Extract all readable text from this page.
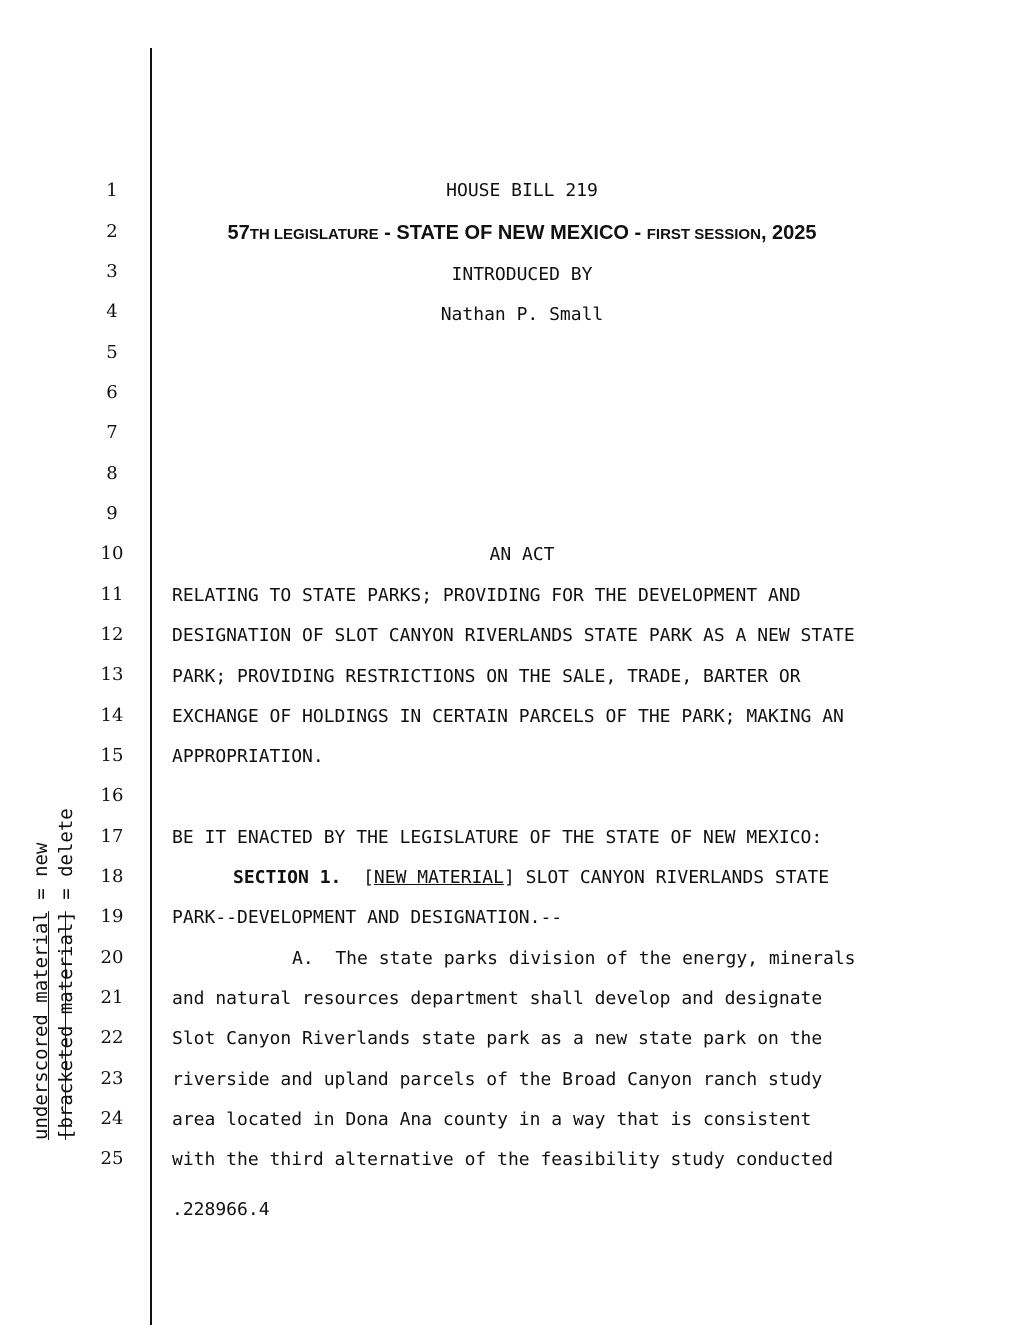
1
2
3
4
5
6
7
8
9
10
11
12
13
14
15
16
17
18
19
20
21
22
23
24
25
HOUSE BILL 219
57TH LEGISLATURE - STATE OF NEW MEXICO - FIRST SESSION, 2025
INTRODUCED BY
Nathan P. Small
AN ACT
RELATING TO STATE PARKS; PROVIDING FOR THE DEVELOPMENT AND
DESIGNATION OF SLOT CANYON RIVERLANDS STATE PARK AS A NEW STATE
PARK; PROVIDING RESTRICTIONS ON THE SALE, TRADE, BARTER OR
EXCHANGE OF HOLDINGS IN CERTAIN PARCELS OF THE PARK; MAKING AN
APPROPRIATION.
BE IT ENACTED BY THE LEGISLATURE OF THE STATE OF NEW MEXICO:
SECTION 1. [NEW MATERIAL] SLOT CANYON RIVERLANDS STATE
PARK--DEVELOPMENT AND DESIGNATION.--
A.  The state parks division of the energy, minerals
and natural resources department shall develop and designate
Slot Canyon Riverlands state park as a new state park on the
riverside and upland parcels of the Broad Canyon ranch study
area located in Dona Ana county in a way that is consistent
with the third alternative of the feasibility study conducted
.228966.4
underscored material = new
[bracketed material] = delete
